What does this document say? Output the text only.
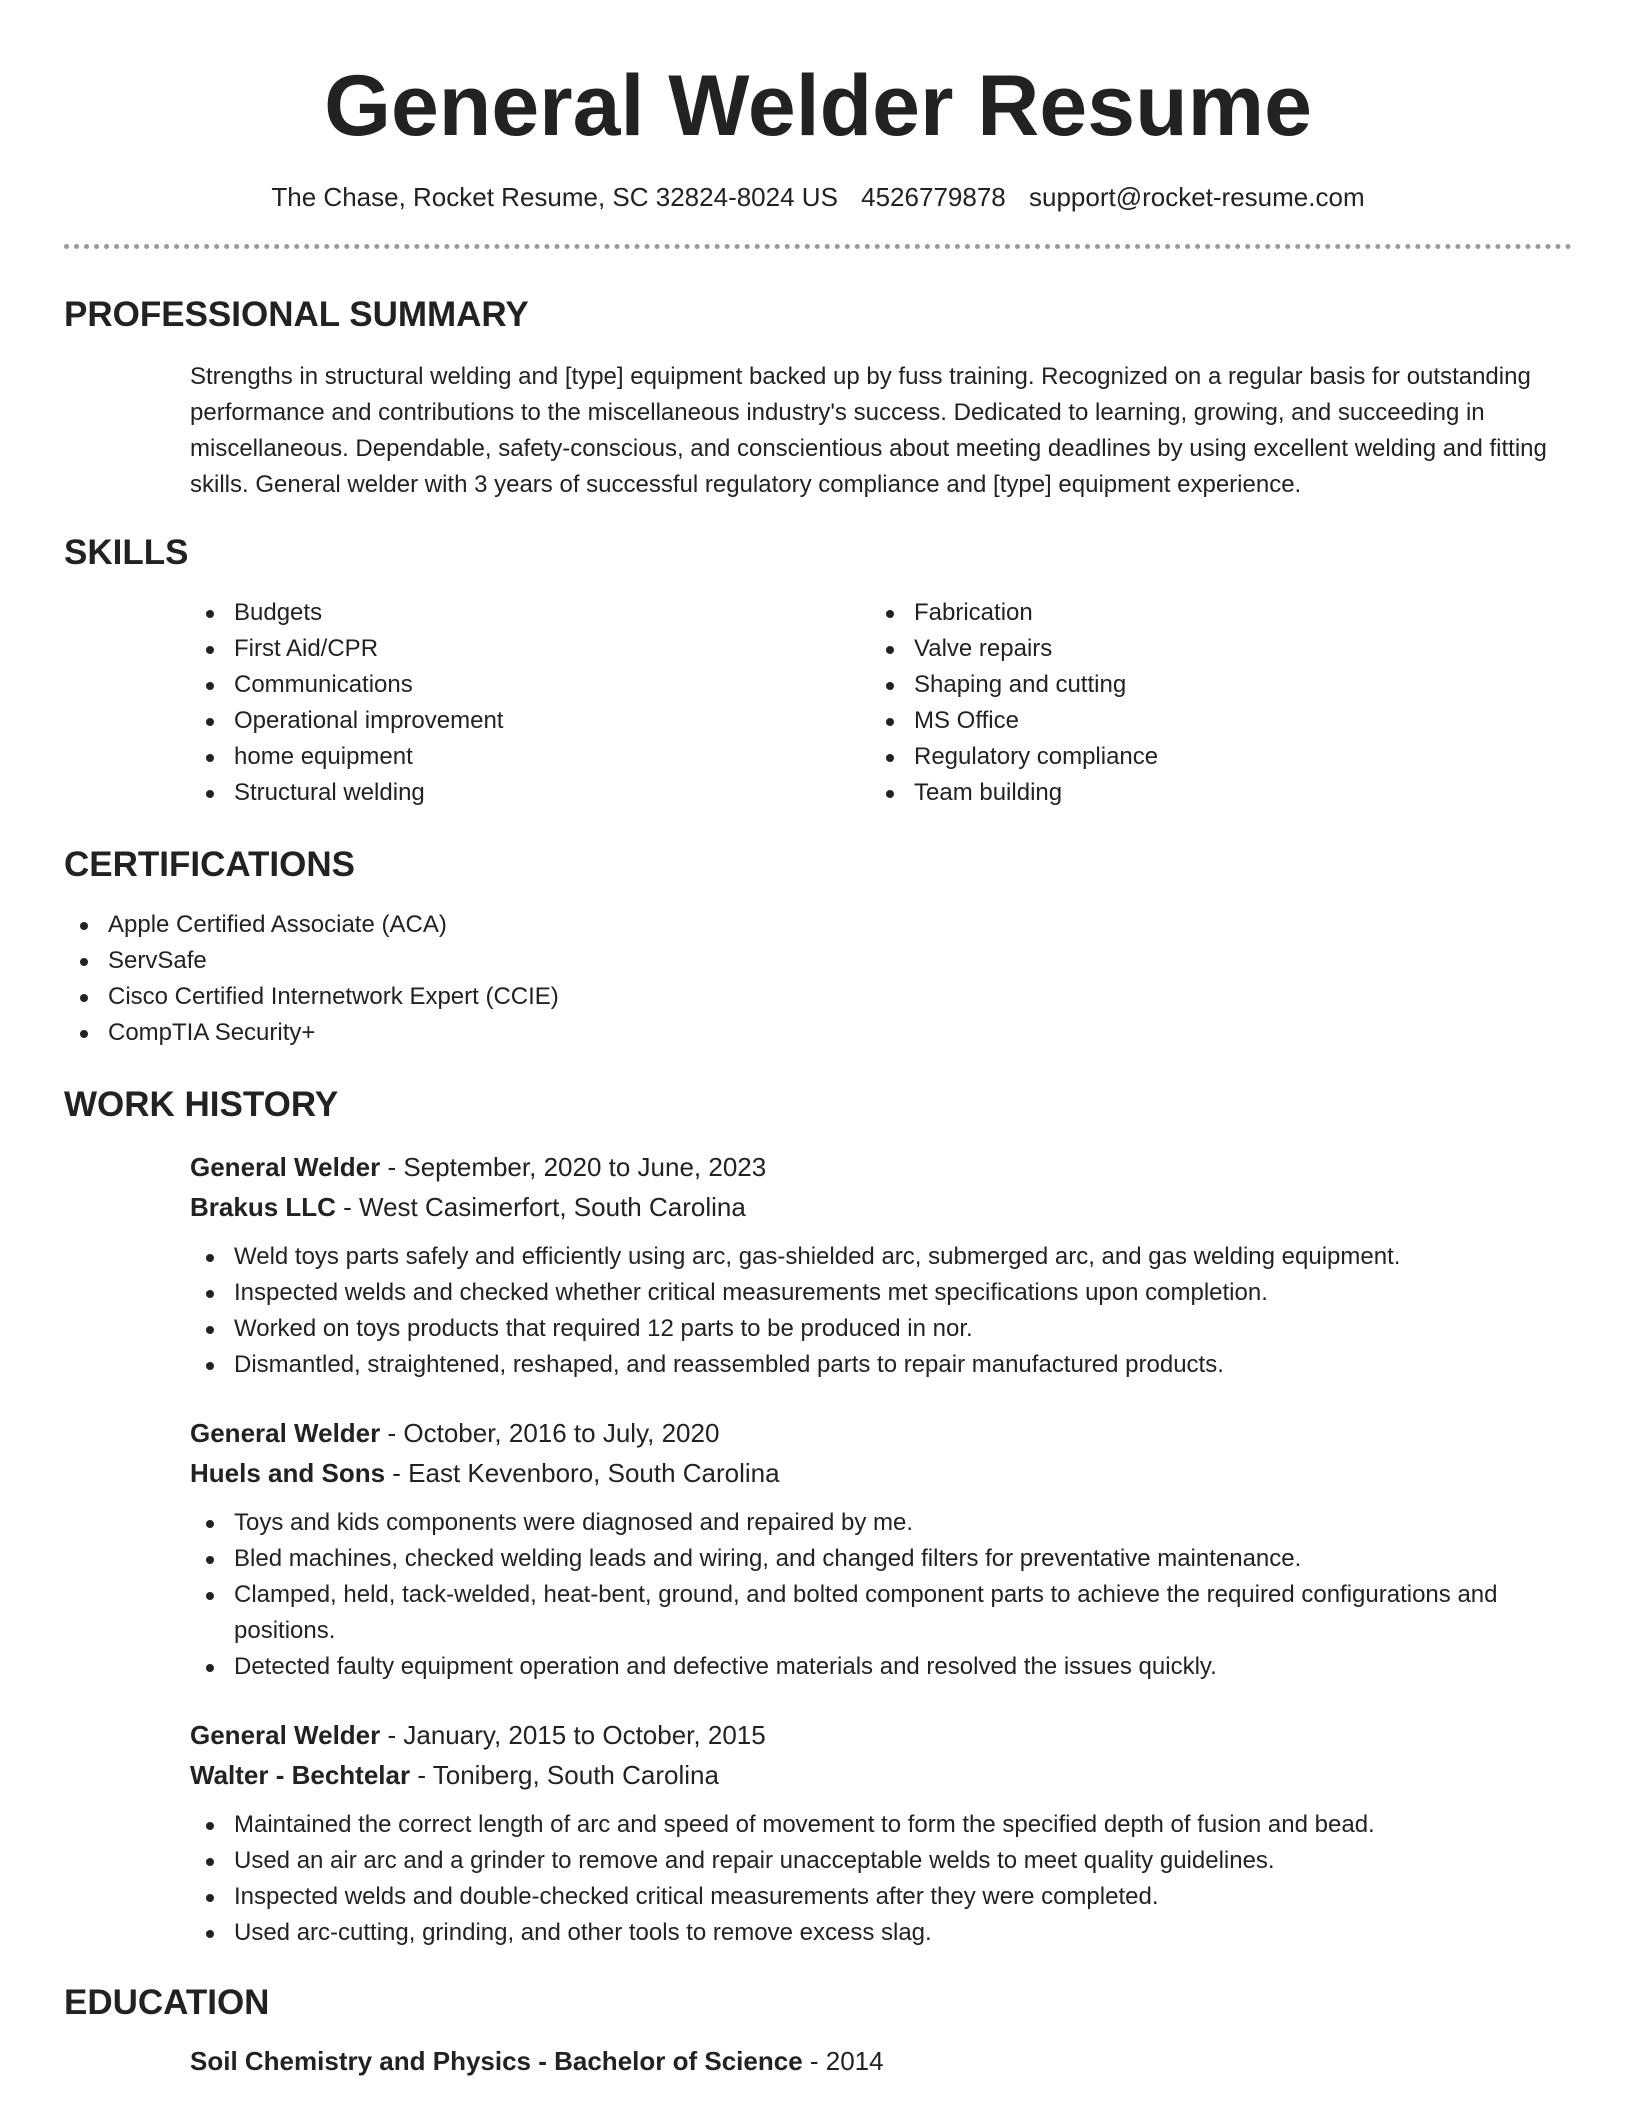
General Welder Resume
The Chase, Rocket Resume, SC 32824-8024 US 4526779878 support@rocket-resume.com
PROFESSIONAL SUMMARY

Strengths in structural welding and [type] equipment backed up by fuss training. Recognized on a regular basis for outstanding performance and contributions to the miscellaneous industry's success. Dedicated to learning, growing, and succeeding in miscellaneous. Dependable, safety-conscious, and conscientious about meeting deadlines by using excellent welding and fitting skills. General welder with 3 years of successful regulatory compliance and [type] equipment experience.

SKILLS
Budgets
First Aid/CPR
Communications
Operational improvement
home equipment
Structural welding
Fabrication
Valve repairs
Shaping and cutting
MS Office
Regulatory compliance
Team building
CERTIFICATIONS
Apple Certified Associate (ACA)
ServSafe
Cisco Certified Internetwork Expert (CCIE)
CompTIA Security+
WORK HISTORY
General Welder - September, 2020 to June, 2023
Brakus LLC - West Casimerfort, South Carolina
Weld toys parts safely and efficiently using arc, gas-shielded arc, submerged arc, and gas welding equipment.
Inspected welds and checked whether critical measurements met specifications upon completion.
Worked on toys products that required 12 parts to be produced in nor.
Dismantled, straightened, reshaped, and reassembled parts to repair manufactured products.
General Welder - October, 2016 to July, 2020
Huels and Sons - East Kevenboro, South Carolina
Toys and kids components were diagnosed and repaired by me.
Bled machines, checked welding leads and wiring, and changed filters for preventative maintenance.
Clamped, held, tack-welded, heat-bent, ground, and bolted component parts to achieve the required configurations and positions.
Detected faulty equipment operation and defective materials and resolved the issues quickly.
General Welder - January, 2015 to October, 2015
Walter - Bechtelar - Toniberg, South Carolina
Maintained the correct length of arc and speed of movement to form the specified depth of fusion and bead.
Used an air arc and a grinder to remove and repair unacceptable welds to meet quality guidelines.
Inspected welds and double-checked critical measurements after they were completed.
Used arc-cutting, grinding, and other tools to remove excess slag.
EDUCATION
Soil Chemistry and Physics - Bachelor of Science - 2014
